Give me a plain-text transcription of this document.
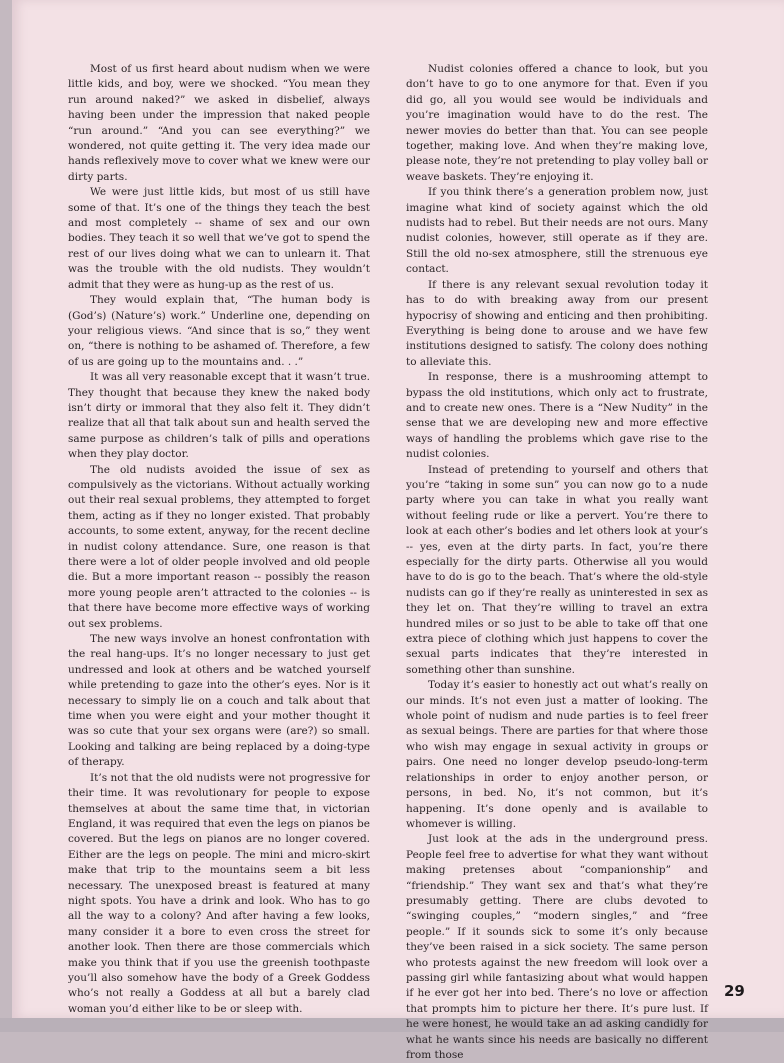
Most of us first heard about nudism when we were little kids, and boy, were we shocked. “You mean they run around naked?” we asked in disbelief, always having been under the impression that naked people “run around.” “And you can see everything?” we wondered, not quite getting it. The very idea made our hands reflexively move to cover what we knew were our dirty parts.

We were just little kids, but most of us still have some of that. It’s one of the things they teach the best and most completely -- shame of sex and our own bodies. They teach it so well that we’ve got to spend the rest of our lives doing what we can to unlearn it. That was the trouble with the old nudists. They wouldn’t admit that they were as hung-up as the rest of us.

They would explain that, “The human body is (God’s) (Nature’s) work.” Underline one, depending on your religious views. “And since that is so,” they went on, “there is nothing to be ashamed of. Therefore, a few of us are going up to the mountains and. . .”

It was all very reasonable except that it wasn’t true. They thought that because they knew the naked body isn’t dirty or immoral that they also felt it. They didn’t realize that all that talk about sun and health served the same purpose as children’s talk of pills and operations when they play doctor.

The old nudists avoided the issue of sex as compulsively as the victorians. Without actually working out their real sexual problems, they attempted to forget them, acting as if they no longer existed. That probably accounts, to some extent, anyway, for the recent decline in nudist colony attendance. Sure, one reason is that there were a lot of older people involved and old people die. But a more important reason -- possibly the reason more young people aren’t attracted to the colonies -- is that there have become more effective ways of working out sex problems.

The new ways involve an honest confrontation with the real hang-ups. It’s no longer necessary to just get undressed and look at others and be watched yourself while pretending to gaze into the other’s eyes. Nor is it necessary to simply lie on a couch and talk about that time when you were eight and your mother thought it was so cute that your sex organs were (are?) so small. Looking and talking are being replaced by a doing-type of therapy.

It’s not that the old nudists were not progressive for their time. It was revolutionary for people to expose themselves at about the same time that, in victorian England, it was required that even the legs on pianos be covered. But the legs on pianos are no longer covered. Either are the legs on people. The mini and micro-skirt make that trip to the mountains seem a bit less necessary. The unexposed breast is featured at many night spots. You have a drink and look. Who has to go all the way to a colony? And after having a few looks, many consider it a bore to even cross the street for another look. Then there are those commercials which make you think that if you use the greenish toothpaste you’ll also somehow have the body of a Greek Goddess who’s not really a Goddess at all but a barely clad woman you’d either like to be or sleep with.

Nudist colonies offered a chance to look, but you don’t have to go to one anymore for that. Even if you did go, all you would see would be individuals and you’re imagination would have to do the rest. The newer movies do better than that. You can see people together, making love. And when they’re making love, please note, they’re not pretending to play volley ball or weave baskets. They’re enjoying it.

If you think there’s a generation problem now, just imagine what kind of society against which the old nudists had to rebel. But their needs are not ours. Many nudist colonies, however, still operate as if they are. Still the old no-sex atmosphere, still the strenuous eye contact.

If there is any relevant sexual revolution today it has to do with breaking away from our present hypocrisy of showing and enticing and then prohibiting. Everything is being done to arouse and we have few institutions designed to satisfy. The colony does nothing to alleviate this.

In response, there is a mushrooming attempt to bypass the old institutions, which only act to frustrate, and to create new ones. There is a “New Nudity” in the sense that we are developing new and more effective ways of handling the problems which gave rise to the nudist colonies.

Instead of pretending to yourself and others that you’re “taking in some sun” you can now go to a nude party where you can take in what you really want without feeling rude or like a pervert. You’re there to look at each other’s bodies and let others look at your’s -- yes, even at the dirty parts. In fact, you’re there especially for the dirty parts. Otherwise all you would have to do is go to the beach. That’s where the old-style nudists can go if they’re really as uninterested in sex as they let on. That they’re willing to travel an extra hundred miles or so just to be able to take off that one extra piece of clothing which just happens to cover the sexual parts indicates that they’re interested in something other than sunshine.

Today it’s easier to honestly act out what’s really on our minds. It’s not even just a matter of looking. The whole point of nudism and nude parties is to feel freer as sexual beings. There are parties for that where those who wish may engage in sexual activity in groups or pairs. One need no longer develop pseudo-long-term relationships in order to enjoy another person, or persons, in bed. No, it’s not common, but it’s happening. It’s done openly and is available to whomever is willing.

Just look at the ads in the underground press. People feel free to advertise for what they want without making pretenses about “companionship” and “friendship.” They want sex and that’s what they’re presumably getting. There are clubs devoted to “swinging couples,” “modern singles,” and “free people.” If it sounds sick to some it’s only because they’ve been raised in a sick society. The same person who protests against the new freedom will look over a passing girl while fantasizing about what would happen if he ever got her into bed. There’s no love or affection that prompts him to picture her there. It’s pure lust. If he were honest, he would take an ad asking candidly for what he wants since his needs are basically no different from those

29
